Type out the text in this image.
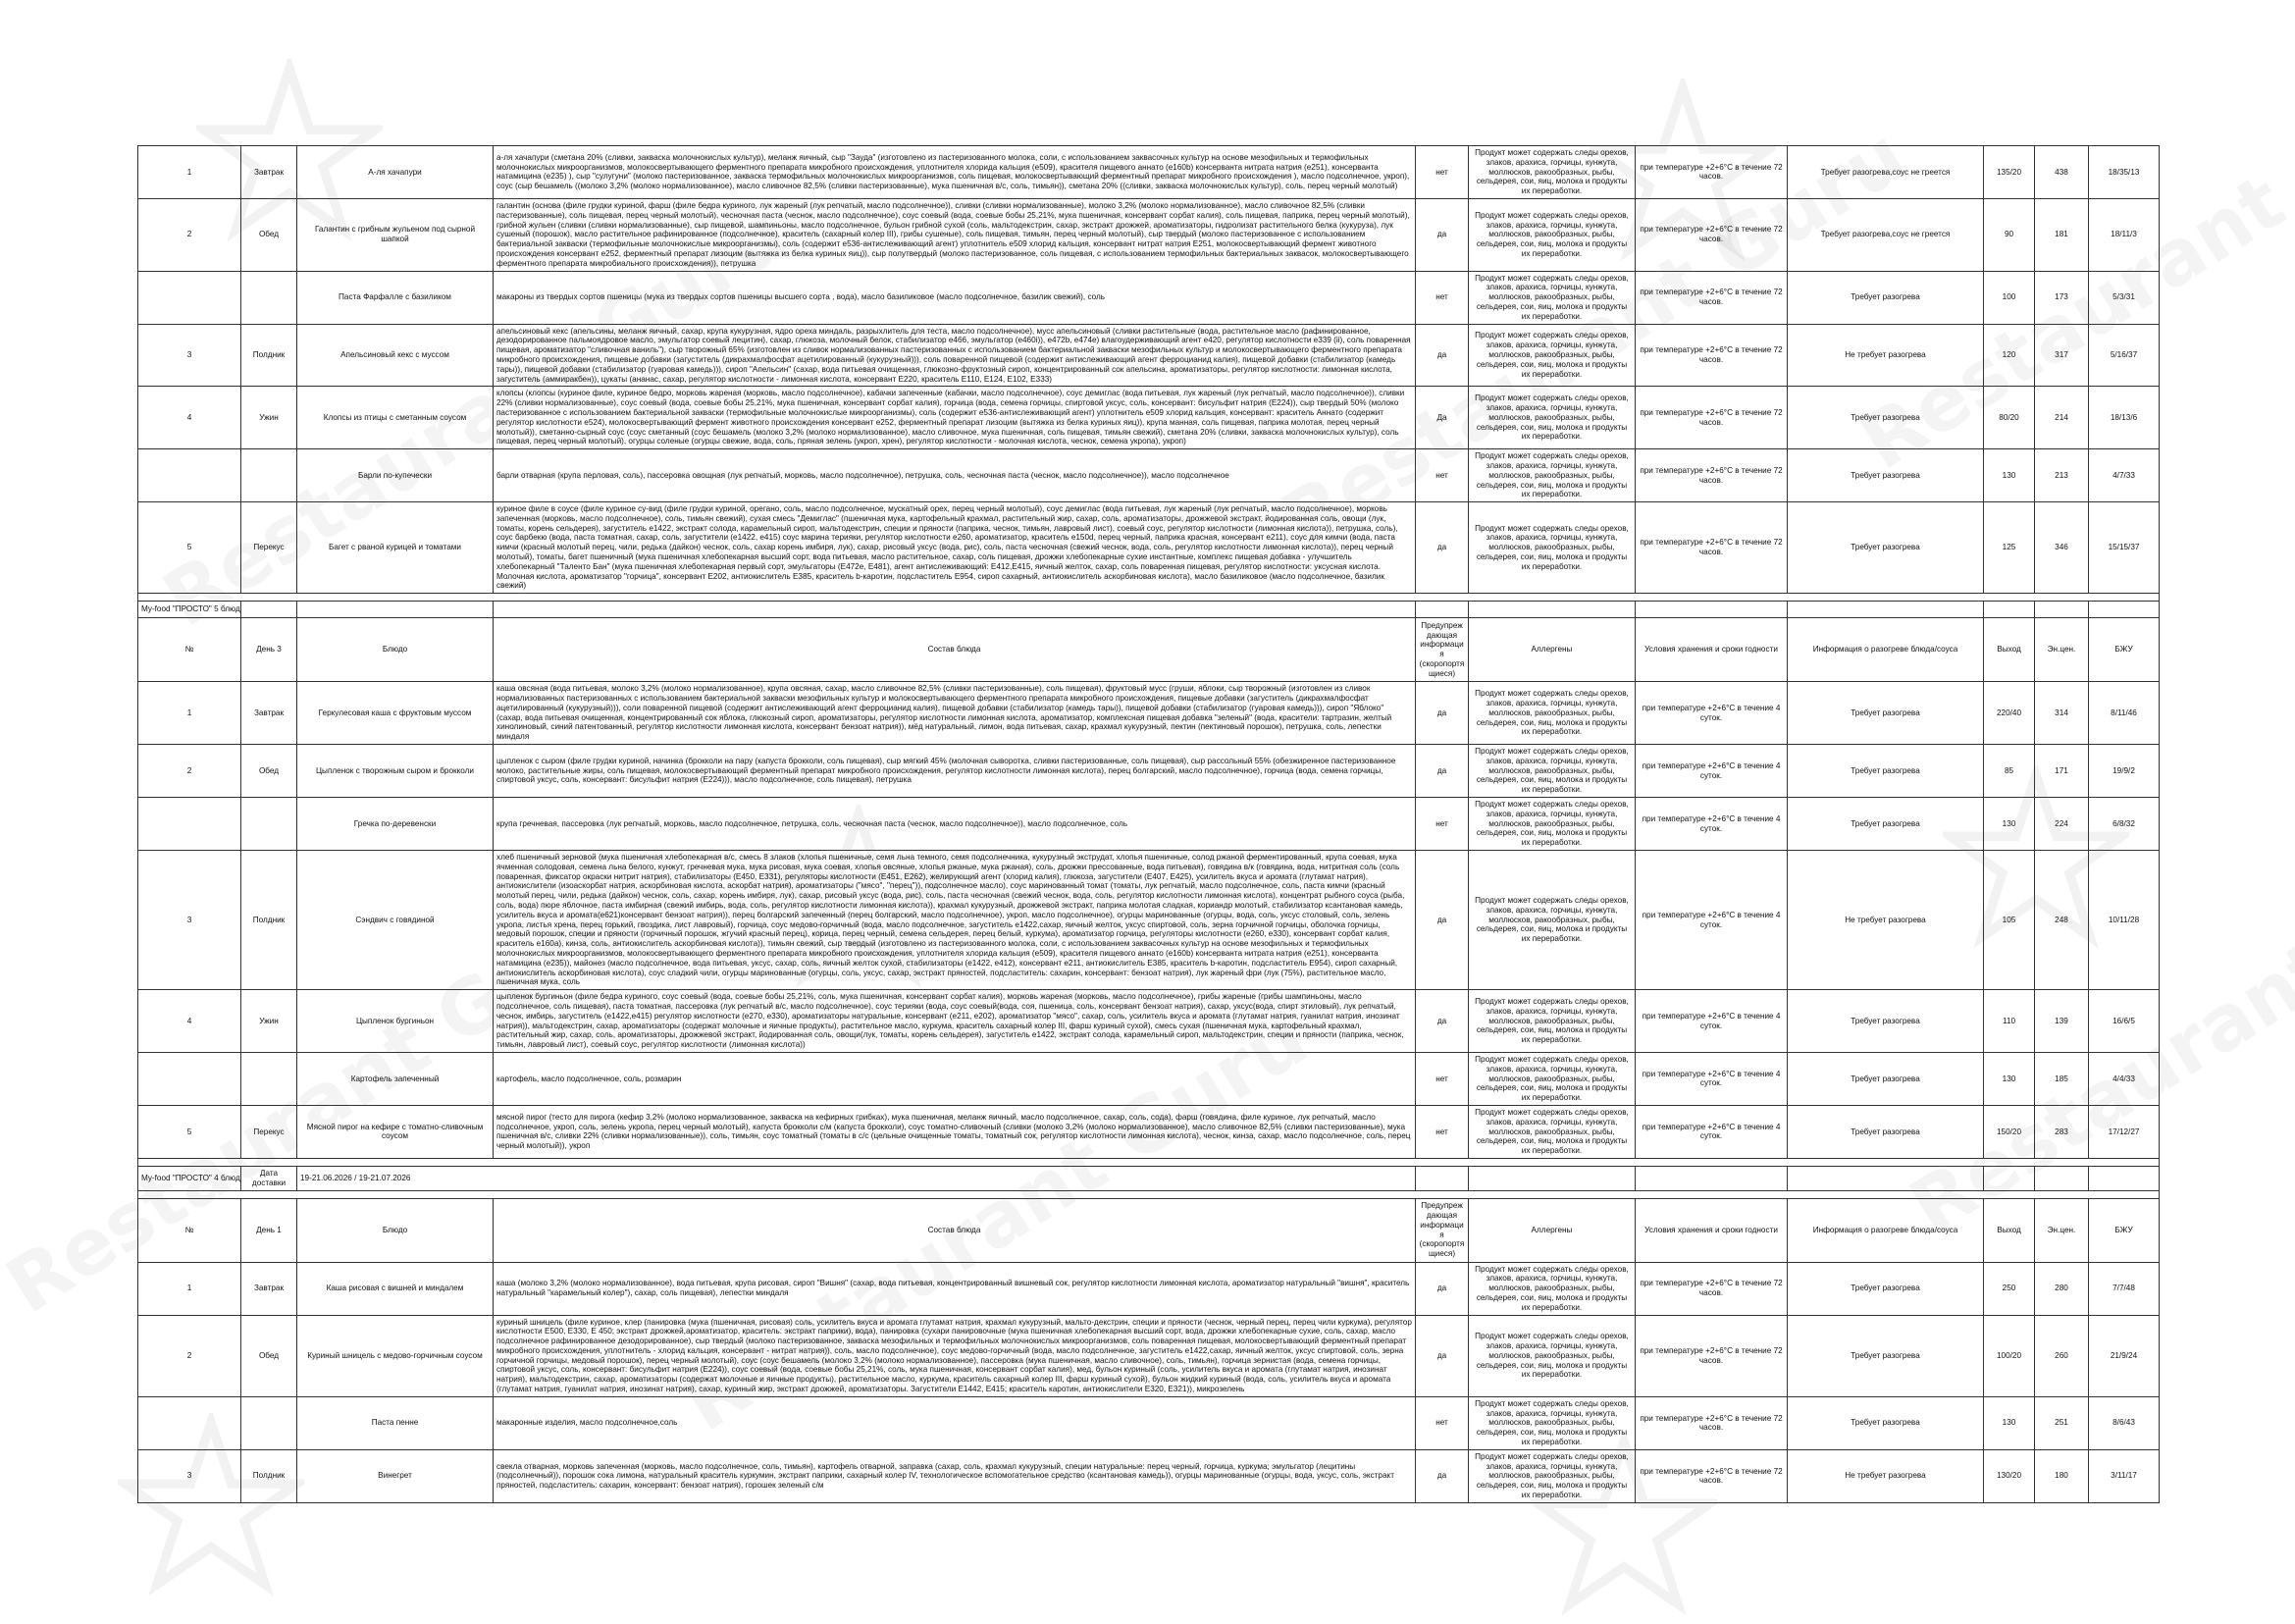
1	Завтрак	А-ля хачапури	а-ля хачапури (сметана 20% (сливки, закваска молочнокислых культур), меланж яичный, сыр "Зауда" (изготовлено из пастеризованного молока, соли, с использованием заквасочных культур на основе мезофильных и термофильных молочнокислых микроорганизмов, молокосвертывающего ферментного препарата микробного происхождения, уплотнителя хлорида кальция (е509), красителя пищевого аннато (е160b) консерванта нитрата натрия (е251), консерванта натамицина (е235) ), сыр "сулугуни" (молоко пастеризованное, закваска термофильных молочнокислых микроорганизмов, соль пищевая, молокосвертывающий ферментный препарат микробного происхождения ), масло подсолнечное, укроп), соус (сыр бешамель ((молоко 3,2% (молоко нормализованное), масло сливочное 82,5% (сливки пастеризованные), мука пшеничная в/с, соль, тимьян)), сметана 20% ((сливки, закваска молочнокислых культур), соль, перец черный молотый)	нет	Продукт может содержать следы орехов, злаков, арахиса, горчицы, кунжута, моллюсков, ракообразных, рыбы, сельдерея, сои, яиц, молока и продукты их переработки.	при температуре +2+6°С в течение 72 часов.	Требует разогрева,соус не греется	135/20	438	18/35/13
2	Обед	Галантин с грибным жульеном под сырной шапкой	галантин (основа (филе грудки куриной, фарш (филе бедра куриного, лук жареный (лук репчатый, масло подсолнечное)), сливки (сливки нормализованные), молоко 3,2% (молоко нормализованное), масло сливочное 82,5% (сливки пастеризованные), соль пищевая, перец черный молотый), чесночная паста (чеснок, масло подсолнечное), соус соевый (вода, соевые бобы 25,21%, мука пшеничная, консервант сорбат калия), соль пищевая, паприка, перец черный молотый), грибной жульен (сливки (сливки нормализованные), сыр пищевой, шампиньоны, масло подсолнечное, бульон грибной сухой (соль, мальтодекстрин, сахар, экстракт дрожжей, ароматизаторы, гидролизат растительного белка (кукуруза), лук сушеный (порошок), масло растительное рафинированное (подсолнечное), краситель (сахарный колер III), грибы сушеные), соль пищевая, тимьян, перец черный молотый), сыр твердый (молоко пастеризованное с использованием бактериальной закваски (термофильные молочнокислые микроорганизмы), соль (содержит е536-антислеживающий агент) уплотнитель е509 хлорид кальция, консервант нитрат натрия Е251, молокосвертывающий фермент животного происхождения консервант е252, ферментный препарат лизоцим (вытяжка из белка куриных яиц)), сыр полутвердый (молоко пастеризованное, соль пищевая, с использованием термофильных бактериальных заквасок, молокосвертывающего ферментного препарата микробиального происхождения)), петрушка	да	Продукт может содержать следы орехов, злаков, арахиса, горчицы, кунжута, моллюсков, ракообразных, рыбы, сельдерея, сои, яиц, молока и продукты их переработки.	при температуре +2+6°С в течение 72 часов.	Требует разогрева,соус не греется	90	181	18/11/3
		Паста Фарфалле с базиликом	макароны из твердых сортов пшеницы (мука из твердых сортов пшеницы высшего сорта , вода), масло базиликовое (масло подсолнечное, базилик свежий), соль	нет	Продукт может содержать следы орехов, злаков, арахиса, горчицы, кунжута, моллюсков, ракообразных, рыбы, сельдерея, сои, яиц, молока и продукты их переработки.	при температуре +2+6°С в течение 72 часов.	Требует разогрева	100	173	5/3/31
3	Полдник	Апельсиновый кекс с муссом	апельсиновый кекс (апельсины, меланж яичный, сахар, крупа кукурузная, ядро ореха миндаль, разрыхлитель для теста, масло подсолнечное), мусс апельсиновый (сливки растительные (вода, растительное масло (рафинированное, дезодорированное пальмоядровое масло, эмульгатор соевый лецитин), сахар, глюкоза, молочный белок, стабилизатор е466, эмульгатор (e460i)), е472b, е474e) влагоудерживающий агент е420, регулятор кислотности е339 (ii), соль поваренная пищевая, ароматизатор "сливочная ваниль"), сыр творожный 65% (изготовлен из сливок нормализованных пастеризованных с использованием бактериальной закваски мезофильных культур и молокосвертывающего ферментного препарата микробного происхождения, пищевые добавки (загуститель (дикрахмалфосфат ацетилированный (кукурузный))), соль поваренной пищевой (содержит антислеживающий агент ферроцианид калия), пищевой добавки (стабилизатор (камедь тары)), пищевой добавки (стабилизатор (гуаровая камедь))), сироп "Апельсин" (сахар, вода питьевая очищенная, глюкозно-фруктозный сироп, концентрированный сок апельсина, ароматизаторы, регулятор кислотности: лимонная кислота, загуститель (аммиракбен)), цукаты (ананас, сахар, регулятор кислотности - лимонная кислота, консервант Е220, краситель Е110, Е124, Е102, Е333)	да	Продукт может содержать следы орехов, злаков, арахиса, горчицы, кунжута, моллюсков, ракообразных, рыбы, сельдерея, сои, яиц, молока и продукты их переработки.	при температуре +2+6°С в течение 72 часов.	Не требует разогрева	120	317	5/16/37
4	Ужин	Клопсы из птицы с сметанным соусом	клопсы (клопсы (куриное филе, куриное бедро, морковь жареная (морковь, масло подсолнечное), кабачки запеченные (кабачки, масло подсолнечное), соус демиглас (вода питьевая, лук жареный (лук репчатый, масло подсолнечное)), сливки 22% (сливки нормализованные), соус соевый (вода, соевые бобы 25,21%, мука пшеничная, консервант сорбат калия), горчица (вода, семена горчицы, спиртовой уксус, соль, консервант: бисульфит натрия (Е224)), сыр твердый 50% (молоко пастеризованное с использованием бактериальной закваски (термофильные молочнокислые микроорганизмы), соль (содержит е536-антислеживающий агент) уплотнитель е509 хлорид кальция, консервант: краситель Аннато (содержит регулятор кислотности е524), молокосвертывающий фермент животного происхождения консервант е252, ферментный препарат лизоцим (вытяжка из белка куриных яиц)), крупа манная, соль пищевая, паприка молотая, перец черный молотый)), сметанно-сырный соус (соус сметанный (соус бешамель (молоко 3,2% (молоко нормализованное), масло сливочное, мука пшеничная, соль пищевая, тимьян свежий), сметана 20% (сливки, закваска молочнокислых культур), соль пищевая, перец черный молотый), огурцы соленые (огурцы свежие, вода, соль, пряная зелень (укроп, хрен), регулятор кислотности - молочная кислота, чеснок, семена укропа), укроп)	Да	Продукт может содержать следы орехов, злаков, арахиса, горчицы, кунжута, моллюсков, ракообразных, рыбы, сельдерея, сои, яиц, молока и продукты их переработки.	при температуре +2+6°С в течение 72 часов.	Требует разогрева	80/20	214	18/13/6
		Барли по-купечески	барли отварная (крупа перловая, соль), пассеровка овощная (лук репчатый, морковь, масло подсолнечное), петрушка, соль, чесночная паста (чеснок, масло подсолнечное)), масло подсолнечное	нет	Продукт может содержать следы орехов, злаков, арахиса, горчицы, кунжута, моллюсков, ракообразных, рыбы, сельдерея, сои, яиц, молока и продукты их переработки.	при температуре +2+6°С в течение 72 часов.	Требует разогрева	130	213	4/7/33
5	Перекус	Багет с рваной курицей и томатами	куриное филе в соусе (филе куриное су-вид (филе грудки куриной, орегано, соль, масло подсолнечное, мускатный орех, перец черный молотый), соус демиглас (вода питьевая, лук жареный (лук репчатый, масло подсолнечное), морковь запеченная (морковь, масло подсолнечное), соль, тимьян свежий), сухая смесь "Демиглас" (пшеничная мука, картофельный крахмал, растительный жир, сахар, соль, ароматизаторы, дрожжевой экстракт, йодированная соль, овощи (лук, томаты, корень сельдерея), загуститель е1422, экстракт солода, карамельный сироп, мальтодекстрин, специи и пряности (паприка, чеснок, тимьян, лавровый лист), соевый соус, регулятор кислотности (лимонная кислота)), петрушка, соль), соус барбекю (вода, паста томатная, сахар, соль, загустители (е1422, е415) соус марина терияки, регулятор кислотности е260, ароматизатор, краситель е150d, перец черный, паприка красная, консервант е211), соус для кимчи (вода, паста кимчи (красный молотый перец, чили, редька (дайкон) чеснок, соль, сахар корень имбиря, лук), сахар, рисовый уксус (вода, рис), соль, паста чесночная (свежий чеснок, вода, соль, регулятор кислотности лимонная кислота)), перец черный молотый), томаты, багет пшеничный (мука пшеничная хлебопекарная высший сорт, вода питьевая, масло растительное, сахар, соль пищевая, дрожжи хлебопекарные сухие инстантные, комплекс пищевая добавка - улучшитель хлебопекарный "Таленто Бан" (мука пшеничная хлебопекарная первый сорт, эмульгаторы (Е472е, Е481), агент антислеживающий: Е412,Е415, яичный желток, сахар, соль поваренная пищевая, регулятор кислотности: уксусная кислота. Молочная кислота, ароматизатор "горчица", консервант Е202, антиокислитель Е385, краситель b-каротин, подсластитель Е954, сироп сахарный, антиокислитель аскорбиновая кислота), масло базиликовое (масло подсолнечное, базилик свежий)	да	Продукт может содержать следы орехов, злаков, арахиса, горчицы, кунжута, моллюсков, ракообразных, рыбы, сельдерея, сои, яиц, молока и продукты их переработки.	при температуре +2+6°С в течение 72 часов.	Требует разогрева	125	346	15/15/37

My-food "ПРОСТО" 5 блюд										
№	День 3	Блюдо	Состав блюда	Предупреждающая информация (скоропортящиеся)	Аллергены	Условия хранения и сроки годности	Информация о разогреве блюда/соуса	Выход	Эн.цен.	БЖУ
1	Завтрак	Геркулесовая каша с фруктовым муссом	каша овсяная (вода питьевая, молоко 3,2% (молоко нормализованное), крупа овсяная, сахар, масло сливочное 82,5% (сливки пастеризованные), соль пищевая), фруктовый мусс (груши, яблоки, сыр творожный (изготовлен из сливок нормализованных пастеризованных с использованием бактериальной закваски мезофильных культур и молокосвертывающего ферментного препарата микробного происхождения, пищевые добавки (загуститель (дикрахмалфосфат ацетилированный (кукурузный))), соли поваренной пищевой (содержит антислеживающий агент ферроцианид калия), пищевой добавки (стабилизатор (камедь тары)), пищевой добавки (стабилизатор (гуаровая камедь))), сироп "Яблоко" (сахар, вода питьевая очищенная, концентрированный сок яблока, глюкозный сироп, ароматизаторы, регулятор кислотности лимонная кислота, ароматизатор, комплексная пищевая добавка "зеленый" (вода, красители: тартразин, желтый хинолиновый, синий патентованный, регулятор кислотности лимонная кислота, консервант бензоат натрия)), мёд натуральный, лимон, вода питьевая, сахар, крахмал кукурузный, пектин (пектиновый порошок), петрушка, соль, лепестки миндаля	да	Продукт может содержать следы орехов, злаков, арахиса, горчицы, кунжута, моллюсков, ракообразных, рыбы, сельдерея, сои, яиц, молока и продукты их переработки.	при температуре +2+6°С в течение 4 суток.	Требует разогрева	220/40	314	8/11/46
2	Обед	Цыпленок с творожным сыром и брокколи	цыпленок с сыром (филе грудки куриной, начинка (брокколи на пару (капуста брокколи, соль пищевая), сыр мягкий 45% (молочная сыворотка, сливки пастеризованные, соль пищевая), сыр рассольный 55% (обезжиренное пастеризованное молоко, растительные жиры, соль пищевая, молокосвертывающий ферментный препарат микробного происхождения, регулятор кислотности лимонная кислота), перец болгарский, масло подсолнечное), горчица (вода, семена горчицы, спиртовой уксус, соль, консервант: бисульфит натрия (Е224))), масло подсолнечное, соль пищевая), петрушка	да	Продукт может содержать следы орехов, злаков, арахиса, горчицы, кунжута, моллюсков, ракообразных, рыбы, сельдерея, сои, яиц, молока и продукты их переработки.	при температуре +2+6°С в течение 4 суток.	Требует разогрева	85	171	19/9/2
		Гречка по-деревенски	крупа гречневая, пассеровка (лук репчатый, морковь, масло подсолнечное, петрушка, соль, чесночная паста (чеснок, масло подсолнечное)), масло подсолнечное, соль	нет	Продукт может содержать следы орехов, злаков, арахиса, горчицы, кунжута, моллюсков, ракообразных, рыбы, сельдерея, сои, яиц, молока и продукты их переработки.	при температуре +2+6°С в течение 4 суток.	Требует разогрева	130	224	6/8/32
3	Полдник	Сэндвич с говядиной	хлеб пшеничный зерновой (мука пшеничная хлебопекарная в/с, смесь 8 злаков (хлопья пшеничные, семя льна темного, семя подсолнечника, кукурузный экструдат, хлопья пшеничные, солод ржаной ферментированный, крупа соевая, мука ячменная солодовая, семена льна белого, кунжут, гречневая мука, мука рисовая, мука соевая, хлопья овсяные, хлопья ржаные, мука ржаная), соль, дрожжи прессованные, вода питьевая), говядина в/к (говядина, вода, нитритная соль (соль поваренная, фиксатор окраски нитрит натрия), стабилизаторы (Е450, Е331), регуляторы кислотности (Е451, Е262), желирующий агент (хлорид калия), глюкоза, загустители (Е407, Е425), усилитель вкуса и аромата (глутамат натрия), антиокислители (изоаскорбат натрия, аскорбиновая кислота, аскорбат натрия), ароматизаторы ("мясо", "перец")), подсолнечное масло), соус маринованный томат (томаты, лук репчатый, масло подсолнечное, соль, паста кимчи (красный молотый перец, чили, редька (дайкон) чеснок, соль, сахар, корень имбиря, лук), сахар, рисовый уксус (вода, рис), соль, паста чесночная (свежий чеснок, вода, соль, регулятор кислотности лимонная кислота), концентрат рыбного соуса (рыба, соль, вода) пюре яблочное, паста имбирная (свежий имбирь, вода, соль, регулятор кислотности лимонная кислота)), крахмал кукурузный, дрожжевой экстракт, паприка молотая сладкая, кориандр молотый, стабилизатор ксантановая камедь, усилитель вкуса и аромата(е621)консервант бензоат натрия)), перец болгарский запеченный (перец болгарский, масло подсолнечное), укроп, масло подсолнечное), огурцы маринованные (огурцы, вода, соль, уксус столовый, соль, зелень укропа, листья хрена, перец горький, гвоздика, лист лавровый), горчица, соус медово-горчичный (вода, масло подсолнечное, загуститель е1422,сахар, яичный желток, уксус спиртовой, соль, зерна горчичной горчицы, оболочка горчицы, медовый порошок, специи и пряности (горчичный порошок, жгучий красный перец), корица, перец черный, семена сельдерея, перец белый, куркума), ароматизатор горчица, регуляторы кислотности (е260, е330), консервант сорбат калия, краситель е160a), кинза, соль, антиокислитель аскорбиновая кислота)), тимьян свежий, сыр твердый (изготовлено из пастеризованного молока, соли, с использованием заквасочных культур на основе мезофильных и термофильных молочнокислых микроорганизмов, молокосвертывающего ферментного препарата микробного происхождения, уплотнителя хлорида кальция (е509), красителя пищевого аннато (е160b) консерванта нитрата натрия (е251), консерванта натамицина (е235)), майонез (масло подсолнечное, вода питьевая, уксус, сахар, соль, яичный желток сухой, стабилизаторы (е1422, е412), консервант е211, антиокислитель Е385, краситель b-каротин, подсластитель Е954), сироп сахарный, антиокислитель аскорбиновая кислота), соус сладкий чили, огурцы маринованные (огурцы, соль, уксус, сахар, экстракт пряностей, подсластитель: сахарин, консервант: бензоат натрия), лук жареный фри (лук (75%), растительное масло, пшеничная мука, соль	да	Продукт может содержать следы орехов, злаков, арахиса, горчицы, кунжута, моллюсков, ракообразных, рыбы, сельдерея, сои, яиц, молока и продукты их переработки.	при температуре +2+6°С в течение 4 суток.	Не требует разогрева	105	248	10/11/28
4	Ужин	Цыпленок бургиньон	цыпленок бургиньон (филе бедра куриного, соус соевый (вода, соевые бобы 25,21%, соль, мука пшеничная, консервант сорбат калия), морковь жареная (морковь, масло подсолнечное), грибы жареные (грибы шампиньоны, масло подсолнечное, соль пищевая), паста томатная, пассеровка (лук репчатый в/с, масло подсолнечное), соус терияки (вода, соус соевый(вода, соя, пшеница, соль, консервант бензоат натрия), сахар, уксус(вода, спирт этиловый), лук репчатый, чеснок, имбирь, загуститель (е1422,е415) регулятор кислотности (е270, е330), ароматизаторы натуральные, консервант (е211, е202), ароматизатор "мясо", сахар, соль, усилитель вкуса и аромата (глутамат натрия, гуанилат натрия, инозинат натрия)), мальтодекстрин, сахар, ароматизаторы (содержат молочные и яичные продукты), растительное масло, куркума, краситель сахарный колер III, фарш куриный сухой), смесь сухая (пшеничная мука, картофельный крахмал, растительный жир, сахар, соль, ароматизаторы, дрожжевой экстракт, йодированная соль, овощи(лук, томаты, корень сельдерея), загуститель е1422, экстракт солода, карамельный сироп, мальтодекстрин, специи и пряности (паприка, чеснок, тимьян, лавровый лист), соевый соус, регулятор кислотности (лимонная кислота))	да	Продукт может содержать следы орехов, злаков, арахиса, горчицы, кунжута, моллюсков, ракообразных, рыбы, сельдерея, сои, яиц, молока и продукты их переработки.	при температуре +2+6°С в течение 4 суток.	Требует разогрева	110	139	16/6/5
		Картофель запеченный	картофель, масло подсолнечное, соль, розмарин	нет	Продукт может содержать следы орехов, злаков, арахиса, горчицы, кунжута, моллюсков, ракообразных, рыбы, сельдерея, сои, яиц, молока и продукты их переработки.	при температуре +2+6°С в течение 4 суток.	Требует разогрева	130	185	4/4/33
5	Перекус	Мясной пирог на кефире с томатно-сливочным соусом	мясной пирог (тесто для пирога (кефир 3,2% (молоко нормализованное, закваска на кефирных грибках), мука пшеничная, меланж яичный, масло подсолнечное, сахар, соль, сода), фарш (говядина, филе куриное, лук репчатый, масло подсолнечное, укроп, соль, зелень укропа, перец черный молотый), капуста брокколи с/м (капуста брокколи), соус томатно-сливочный (сливки (молоко 3,2% (молоко нормализованное), масло сливочное 82,5% (сливки пастеризованные), мука пшеничная в/с, сливки 22% (сливки нормализованные)), соль, тимьян, соус томатный (томаты в с/с (цельные очищенные томаты, томатный сок, регулятор кислотности лимонная кислота), чеснок, кинза, сахар, масло подсолнечное, соль, перец черный молотый)), укроп	нет	Продукт может содержать следы орехов, злаков, арахиса, горчицы, кунжута, моллюсков, ракообразных, рыбы, сельдерея, сои, яиц, молока и продукты их переработки.	при температуре +2+6°С в течение 4 суток.	Требует разогрева	150/20	283	17/12/27

My-food "ПРОСТО" 4 блюд	Дата доставки	19-21.06.2026 / 19-21.07.2026								

№	День 1	Блюдо	Состав блюда	Предупреждающая информация (скоропортящиеся)	Аллергены	Условия хранения и сроки годности	Информация о разогреве блюда/соуса	Выход	Эн.цен.	БЖУ
1	Завтрак	Каша рисовая с вишней и миндалем	каша (молоко 3,2% (молоко нормализованное), вода питьевая, крупа рисовая, сироп "Вишня" (сахар, вода питьевая, концентрированный вишневый сок, регулятор кислотности лимонная кислота, ароматизатор натуральный "вишня", краситель натуральный "карамельный колер"), сахар, соль пищевая), лепестки миндаля	да	Продукт может содержать следы орехов, злаков, арахиса, горчицы, кунжута, моллюсков, ракообразных, рыбы, сельдерея, сои, яиц, молока и продукты их переработки.	при температуре +2+6°С в течение 72 часов.	Требует разогрева	250	280	7/7/48
2	Обед	Куриный шницель с медово-горчичным соусом	куриный шницель (филе куриное, клер (панировка (мука (пшеничная, рисовая) соль, усилитель вкуса и аромата глутамат натрия, крахмал кукурузный, мальто-декстрин, специи и пряности (чеснок, черный перец, перец чили куркума), регулятор кислотности Е500, Е330, Е 450; экстракт дрожжей,ароматизатор, краситель: экстракт паприки), вода), панировка (сухари панировочные (мука пшеничная хлебопекарная высший сорт, вода, дрожжи хлебопекарные сухие, соль, сахар, масло подсолнечное рафинированное дезодорированное), сыр твердый (молоко пастеризованное, закваска мезофильных и термофильных молочнокислых микроорганизмов, соль поваренная пищевая, молокосвертывающий ферментный препарат микробного происхождения, уплотнитель - хлорид кальция, консервант - нитрат натрия)), соль, масло подсолнечное), соус медово-горчичный (вода, масло подсолнечное, загуститель е1422,сахар, яичный желток, уксус спиртовой, соль, зерна горчичной горчицы, медовый порошок), перец черный молотый), соус (соус бешамель (молоко 3,2% (молоко нормализованное), пассеровка (мука пшеничная, масло сливочное), соль, тимьян), горчица зернистая (вода, семена горчицы, спиртовой уксус, соль, консервант: бисульфит натрия (Е224)), соус соевый (вода, соевые бобы 25,21%, соль, мука пшеничная, консервант сорбат калия), мед, бульон куриный (соль, усилитель вкуса и аромата (глутамат натрия, инозинат натрия), мальтодекстрин, сахар, ароматизаторы (содержат молочные и яичные продукты), растительное масло, куркума, краситель сахарный колер III, фарш куриный сухой), бульон жидкий куриный (вода, соль, усилитель вкуса и аромата (глутамат натрия, гуанилат натрия, инозинат натрия), сахар, куриный жир, экстракт дрожжей, ароматизаторы. Загустители Е1442, Е415; краситель каротин, антиокислители Е320, Е321)), микрозелень	да	Продукт может содержать следы орехов, злаков, арахиса, горчицы, кунжута, моллюсков, ракообразных, рыбы, сельдерея, сои, яиц, молока и продукты их переработки.	при температуре +2+6°С в течение 72 часов.	Требует разогрева	100/20	260	21/9/24
		Паста пенне	макаронные изделия, масло подсолнечное,соль	нет	Продукт может содержать следы орехов, злаков, арахиса, горчицы, кунжута, моллюсков, ракообразных, рыбы, сельдерея, сои, яиц, молока и продукты их переработки.	при температуре +2+6°С в течение 72 часов.	Требует разогрева	130	251	8/6/43
3	Полдник	Винегрет	свекла отварная, морковь запеченная (морковь, масло подсолнечное, соль, тимьян), картофель отварной, заправка (сахар, соль, крахмал кукурузный, специи натуральные: перец черный, горчица, куркума; эмульгатор (лецитины (подсолнечный)), порошок сока лимона, натуральный краситель куркумин, экстракт паприки, сахарный колер IV, технологическое вспомогательное средство (ксантановая камедь)), огурцы маринованные (огурцы, вода, уксус, соль, экстракт пряностей, подсластитель: сахарин, консервант: бензоат натрия), горошек зеленый с/м	да	Продукт может содержать следы орехов, злаков, арахиса, горчицы, кунжута, моллюсков, ракообразных, рыбы, сельдерея, сои, яиц, молока и продукты их переработки.	при температуре +2+6°С в течение 72 часов.	Не требует разогрева	130/20	180	3/11/17
